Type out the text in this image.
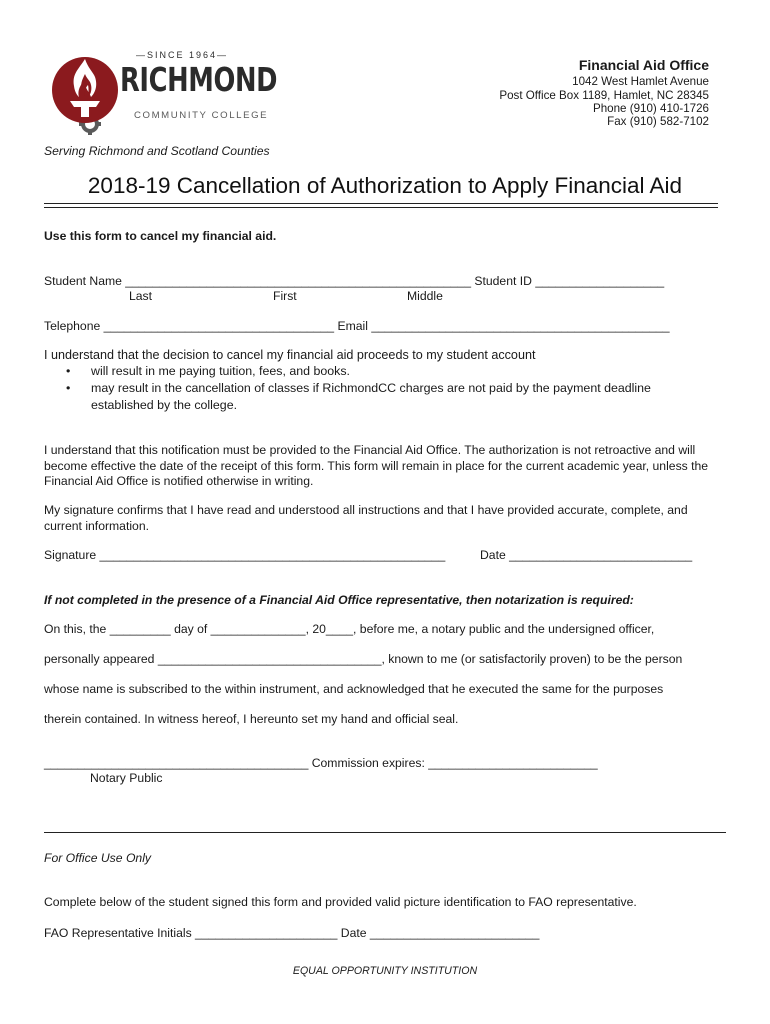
—SINCE 1964—
RICHMOND
COMMUNITY COLLEGE
Financial Aid Office
1042 West Hamlet Avenue
Post Office Box 1189, Hamlet, NC 28345
Phone (910) 410-1726
Fax (910) 582-7102
Serving Richmond and Scotland Counties
2018-19 Cancellation of Authorization to Apply Financial Aid
Use this form to cancel my financial aid.
Student Name ___________________________________________________ Student ID ___________________
Last	First	Middle
Telephone __________________________________ Email ____________________________________________
I understand that the decision to cancel my financial aid proceeds to my student account
• will result in me paying tuition, fees, and books.
• may result in the cancellation of classes if RichmondCC charges are not paid by the payment deadline
established by the college.
I understand that this notification must be provided to the Financial Aid Office. The authorization is not retroactive and will become effective the date of the receipt of this form. This form will remain in place for the current academic year, unless the Financial Aid Office is notified otherwise in writing.
My signature confirms that I have read and understood all instructions and that I have provided accurate, complete, and current information.
Signature ___________________________________________________	Date ___________________________
If not completed in the presence of a Financial Aid Office representative, then notarization is required:
On this, the _________ day of ______________, 20____, before me, a notary public and the undersigned officer,
personally appeared _________________________________, known to me (or satisfactorily proven) to be the person
whose name is subscribed to the within instrument, and acknowledged that he executed the same for the purposes
therein contained. In witness hereof, I hereunto set my hand and official seal.
_______________________________________ Commission expires: _________________________
Notary Public
For Office Use Only
Complete below of the student signed this form and provided valid picture identification to FAO representative.
FAO Representative Initials _____________________ Date _________________________
EQUAL OPPORTUNITY INSTITUTION
